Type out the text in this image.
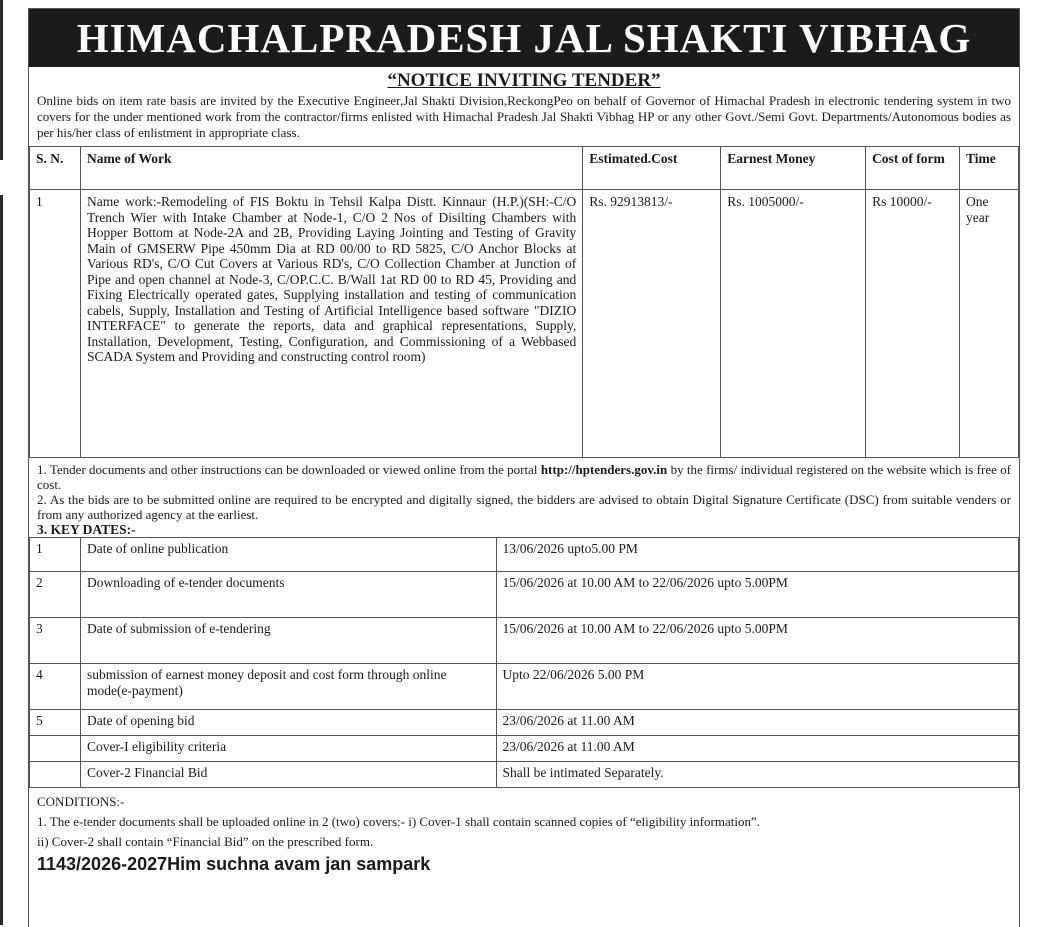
HIMACHALPRADESH JAL SHAKTI VIBHAG
“NOTICE INVITING TENDER”
Online bids on item rate basis are invited by the Executive Engineer,Jal Shakti Division,ReckongPeo on behalf of Governor of Himachal Pradesh in electronic tendering system in two covers for the under mentioned work from the contractor/firms enlisted with Himachal Pradesh Jal Shakti Vibhag HP or any other Govt./Semi Govt. Departments/Autonomous bodies as per his/her class of enlistment in appropriate class.
S. N.	Name of Work	Estimated.Cost	Earnest Money	Cost of form	Time
1	Name work:-Remodeling of FIS Boktu in Tehsil Kalpa Distt. Kinnaur (H.P.)(SH:-C/O Trench Wier with Intake Chamber at Node-1, C/O 2 Nos of Disilting Chambers with Hopper Bottom at Node-2A and 2B, Providing Laying Jointing and Testing of Gravity Main of GMSERW Pipe 450mm Dia at RD 00/00 to RD 5825, C/O Anchor Blocks at Various RD's, C/O Cut Covers at Various RD's, C/O Collection Chamber at Junction of Pipe and open channel at Node-3, C/OP.C.C. B/Wall 1at RD 00 to RD 45, Providing and Fixing Electrically operated gates, Supplying installation and testing of communication cabels, Supply, Installation and Testing of Artificial Intelligence based software "DIZIO INTERFACE" to generate the reports, data and graphical representations, Supply, Installation, Development, Testing, Configuration, and Commissioning of a Webbased SCADA System and Providing and constructing control room)	Rs. 92913813/-	Rs. 1005000/-	Rs 10000/-	One year
1. Tender documents and other instructions can be downloaded or viewed online from the portal http://hptenders.gov.in by the firms/ individual registered on the website which is free of cost.
2. As the bids are to be submitted online are required to be encrypted and digitally signed, the bidders are advised to obtain Digital Signature Certificate (DSC) from suitable venders or from any authorized agency at the earliest.
3. KEY DATES:-
1	Date of online publication	13/06/2026 upto5.00 PM
2	Downloading of e-tender documents	15/06/2026 at 10.00 AM to 22/06/2026 upto 5.00PM
3	Date of submission of e-tendering	15/06/2026 at 10.00 AM to 22/06/2026 upto 5.00PM
4	submission of earnest money deposit and cost form through online mode(e-payment)	Upto 22/06/2026 5.00 PM
5	Date of opening bid	23/06/2026 at 11.00 AM
	Cover-I eligibility criteria	23/06/2026 at 11.00 AM
	Cover-2 Financial Bid	Shall be intimated Separately.
CONDITIONS:-
1. The e-tender documents shall be uploaded online in 2 (two) covers:- i) Cover-1 shall contain scanned copies of “eligibility information”.
ii) Cover-2 shall contain “Financial Bid” on the prescribed form.
1143/2026-2027Him suchna avam jan sampark
